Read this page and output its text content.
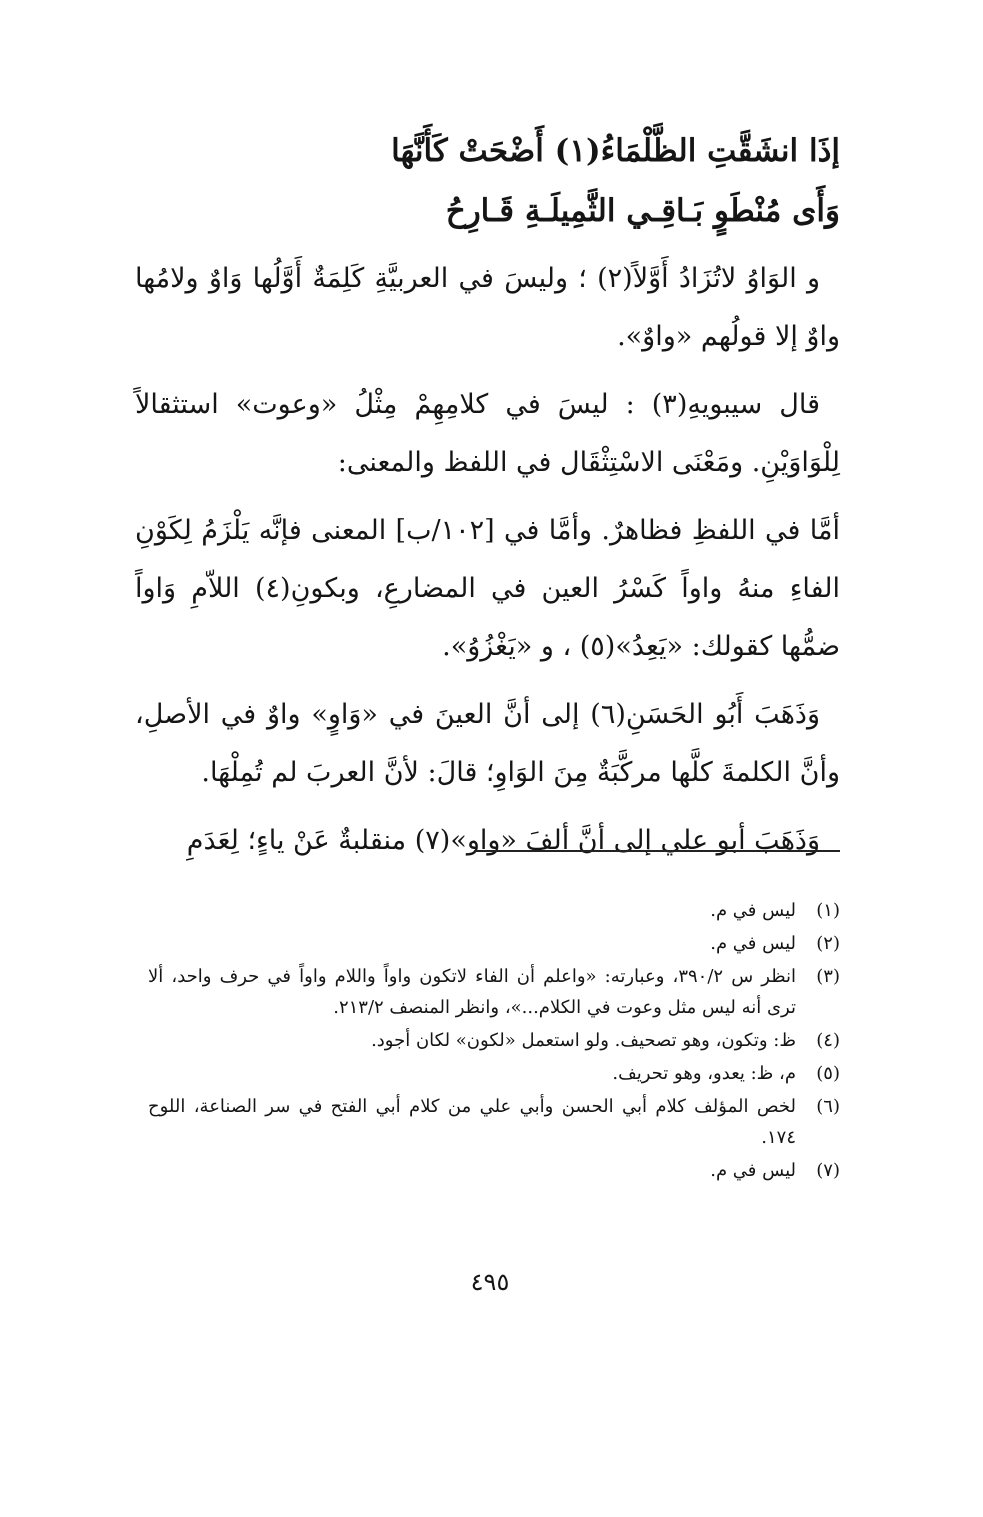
إذَا انشَقَّتِ الظَّلْمَاءُ(١) أَضْحَتْ كَأَنَّهَا

وَأَى مُنْطَوٍ بَـاقِـي الثَّمِيلَـةِ قَـارِحُ

و الوَاوُ لاتُزَادُ أَوَّلاً(٢) ؛ وليسَ في العربيَّةِ كَلِمَةٌ أَوَّلُها وَاوٌ ولامُها واوٌ إلا قولُهم «واوٌ».

قال سيبويهِ(٣) : ليسَ في كلامِهِمْ مِثْلُ «وعوت» استثقالاً لِلْوَاوَيْنِ. ومَعْنَى الاسْتِثْقَال في اللفظ والمعنى:

أمَّا في اللفظِ فظاهرٌ. وأمَّا في [١٠٢/ب] المعنى فإنَّه يَلْزَمُ لِكَوْنِ الفاءِ منهُ واواً كَسْرُ العين في المضارعِ، وبكونِ(٤) اللاّمِ وَاواً ضمُّها كقولك: «يَعِدُ»(٥) ، و «يَغْزُوُ».

وَذَهَبَ أَبُو الحَسَنِ(٦) إلى أنَّ العينَ في «وَاوٍ» واوٌ في الأصلِ، وأنَّ الكلمةَ كلَّها مركَّبَةٌ مِنَ الوَاوِ؛ قالَ: لأنَّ العربَ لم تُمِلْهَا.

وَذَهَبَ أبو علي إلى أنَّ ألفَ «واو»(٧) منقلبةٌ عَنْ ياءٍ؛ لِعَدَمِ

(١)
ليس في م.
(٢)
ليس في م.
(٣)
انظر س ٣٩٠/٢، وعبارته: «واعلم أن الفاء لاتكون واواً واللام واواً في حرف واحد، ألا ترى أنه ليس مثل وعوت في الكلام...»، وانظر المنصف ٢١٣/٢.
(٤)
ظ: وتكون، وهو تصحيف. ولو استعمل «لكون» لكان أجود.
(٥)
م، ظ: يعدو، وهو تحريف.
(٦)
لخص المؤلف كلام أبي الحسن وأبي علي من كلام أبي الفتح في سر الصناعة، اللوح ١٧٤.
(٧)
ليس في م.
٤٩٥
